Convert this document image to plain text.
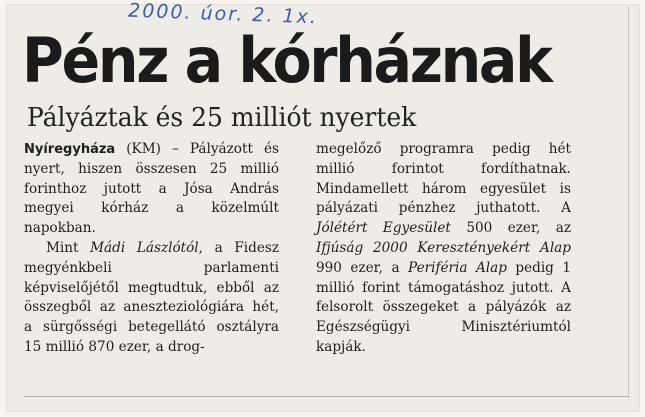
2000. úor. 2. 1x.
Pénz a kórháznak
Pályáztak és 25 milliót nyertek

Nyíregyháza (KM) – Pályázott és nyert, hiszen összesen 25 millió forinthoz jutott a Jósa András megyei kórház a közelmúlt napokban.

Mint Mádi Lászlótól, a Fidesz megyénkbeli parlamenti képviselőjétől megtudtuk, ebből az összegből az aneszteziológiára hét, a sürgősségi betegellátó osztályra 15 millió 870 ezer, a drog-

megelőző programra pedig hét millió forintot fordíthatnak. Mindamellett három egyesület is pályázati pénzhez juthatott. A Jólétért Egyesület 500 ezer, az Ifjúság 2000 Keresztényekért Alap 990 ezer, a Periféria Alap pedig 1 millió forint támogatáshoz jutott. A felsorolt összegeket a pályázók az Egészségügyi Minisztériumtól kapják.
